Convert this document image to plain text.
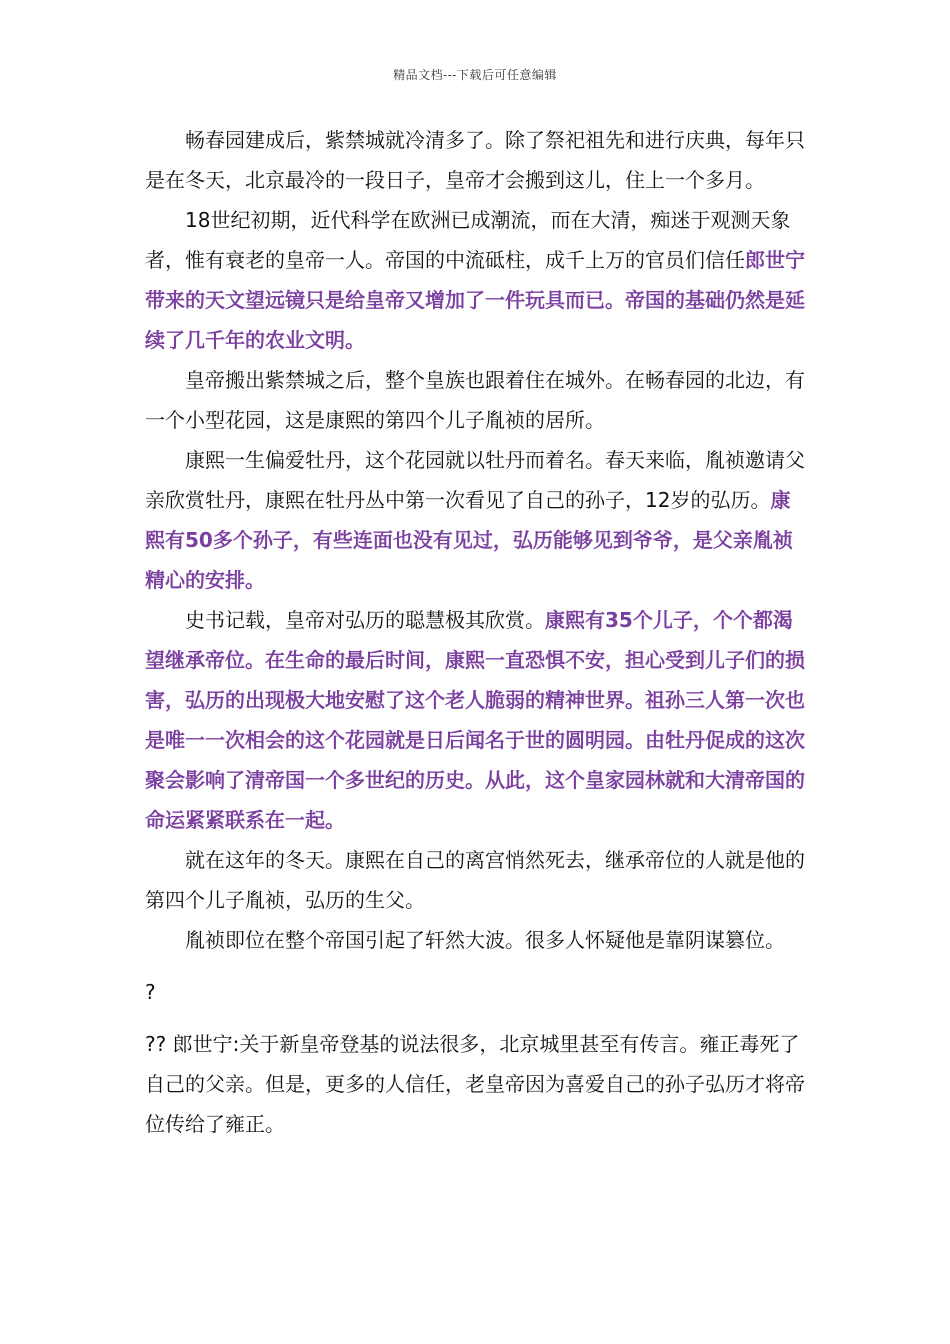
精品文档---下载后可任意编辑

畅春园建成后，紫禁城就冷清多了。除了祭祀祖先和进行庆典，每年只是在冬天，北京最冷的一段日子，皇帝才会搬到这儿，住上一个多月。

18世纪初期，近代科学在欧洲已成潮流，而在大清，痴迷于观测天象者，惟有衰老的皇帝一人。帝国的中流砥柱，成千上万的官员们信任郎世宁带来的天文望远镜只是给皇帝又增加了一件玩具而已。帝国的基础仍然是延续了几千年的农业文明。

皇帝搬出紫禁城之后，整个皇族也跟着住在城外。在畅春园的北边，有一个小型花园，这是康熙的第四个儿子胤祯的居所。

康熙一生偏爱牡丹，这个花园就以牡丹而着名。春天来临，胤祯邀请父亲欣赏牡丹，康熙在牡丹丛中第一次看见了自己的孙子，12岁的弘历。康熙有50多个孙子，有些连面也没有见过，弘历能够见到爷爷，是父亲胤祯精心的安排。

史书记载，皇帝对弘历的聪慧极其欣赏。康熙有35个儿子，个个都渴望继承帝位。在生命的最后时间，康熙一直恐惧不安，担心受到儿子们的损害，弘历的出现极大地安慰了这个老人脆弱的精神世界。祖孙三人第一次也是唯一一次相会的这个花园就是日后闻名于世的圆明园。由牡丹促成的这次聚会影响了清帝国一个多世纪的历史。从此，这个皇家园林就和大清帝国的命运紧紧联系在一起。

就在这年的冬天。康熙在自己的离宫悄然死去，继承帝位的人就是他的第四个儿子胤祯，弘历的生父。

胤祯即位在整个帝国引起了轩然大波。很多人怀疑他是靠阴谋篡位。

?

?? 郎世宁:关于新皇帝登基的说法很多，北京城里甚至有传言。雍正毒死了自己的父亲。但是，更多的人信任，老皇帝因为喜爱自己的孙子弘历才将帝位传给了雍正。
